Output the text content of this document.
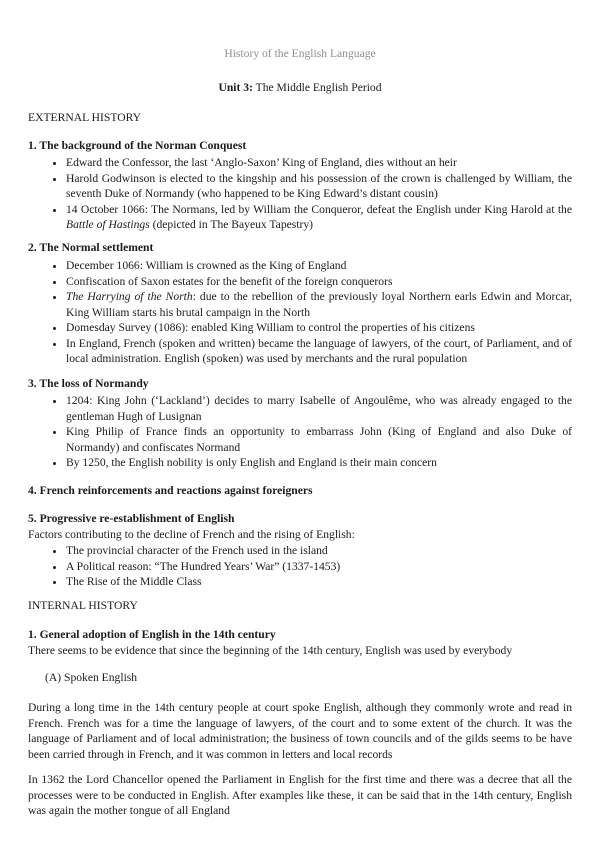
History of the English Language

Unit 3: The Middle English Period

EXTERNAL HISTORY

1. The background of the Norman Conquest

• Edward the Confessor, the last ‘Anglo-Saxon’ King of England, dies without an heir
• Harold Godwinson is elected to the kingship and his possession of the crown is challenged by William, the seventh Duke of Normandy (who happened to be King Edward’s distant cousin)
• 14 October 1066: The Normans, led by William the Conqueror, defeat the English under King Harold at the Battle of Hastings (depicted in The Bayeux Tapestry)

2. The Normal settlement

• December 1066: William is crowned as the King of England
• Confiscation of Saxon estates for the benefit of the foreign conquerors
• The Harrying of the North: due to the rebellion of the previously loyal Northern earls Edwin and Morcar, King William starts his brutal campaign in the North
• Domesday Survey (1086): enabled King William to control the properties of his citizens
• In England, French (spoken and written) became the language of lawyers, of the court, of Parliament, and of local administration. English (spoken) was used by merchants and the rural population

3. The loss of Normandy

• 1204: King John (‘Lackland’) decides to marry Isabelle of Angoulême, who was already engaged to the gentleman Hugh of Lusignan
• King Philip of France finds an opportunity to embarrass John (King of England and also Duke of Normandy) and confiscates Normand
• By 1250, the English nobility is only English and England is their main concern

4. French reinforcements and reactions against foreigners

5. Progressive re-establishment of English

Factors contributing to the decline of French and the rising of English:

• The provincial character of the French used in the island
• A Political reason: “The Hundred Years’ War” (1337-1453)
• The Rise of the Middle Class

INTERNAL HISTORY

1. General adoption of English in the 14th century

There seems to be evidence that since the beginning of the 14th century, English was used by everybody

(A) Spoken English

During a long time in the 14th century people at court spoke English, although they commonly wrote and read in French. French was for a time the language of lawyers, of the court and to some extent of the church. It was the language of Parliament and of local administration; the business of town councils and of the gilds seems to be have been carried through in French, and it was common in letters and local records

In 1362 the Lord Chancellor opened the Parliament in English for the first time and there was a decree that all the processes were to be conducted in English. After examples like these, it can be said that in the 14th century, English was again the mother tongue of all England
